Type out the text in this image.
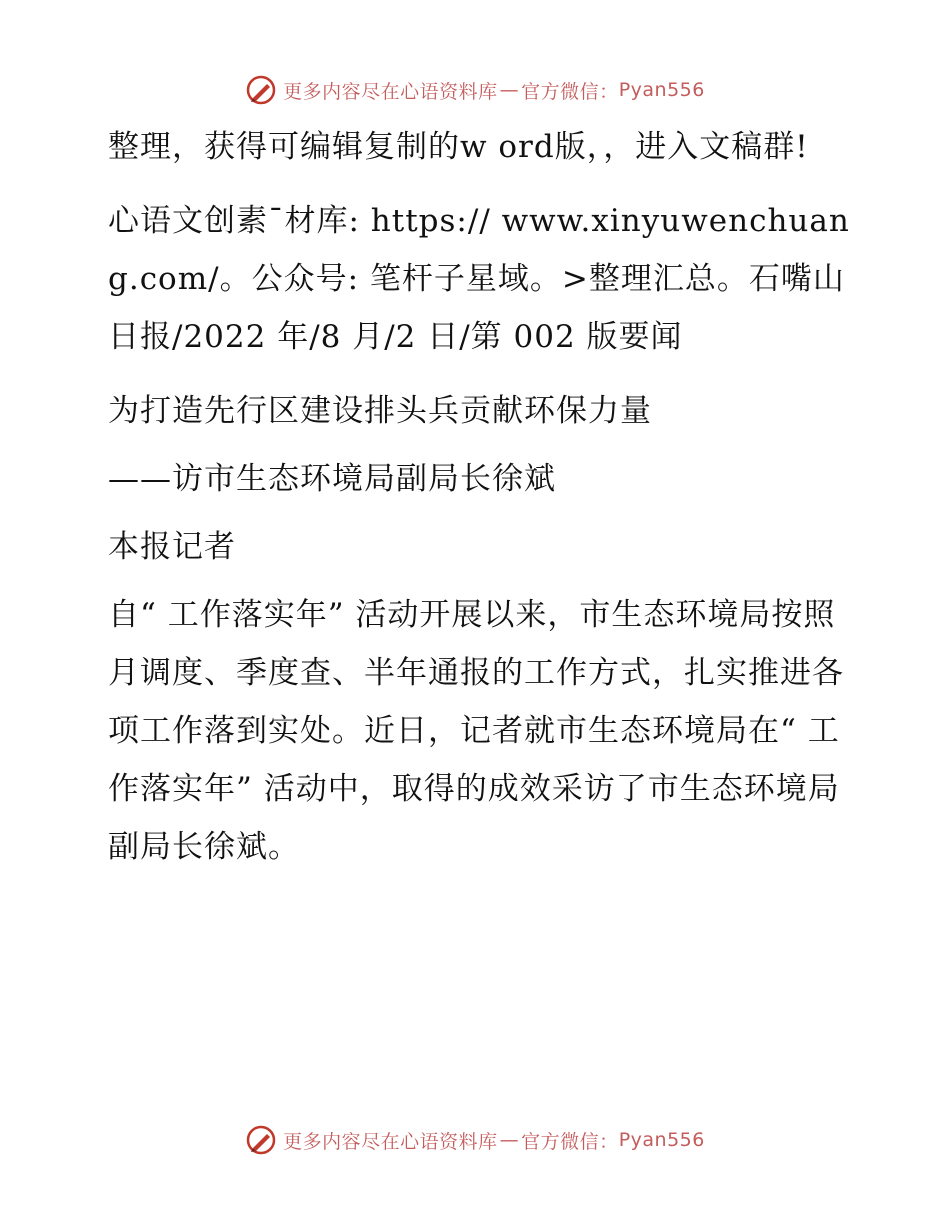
更多内容尽在心语资料库 — 官方微信： Pyan556

整理，获得可编辑复制的w ord版，，进入文稿群!

心语文创素¯材库: https:// www.xinyuwenchuang.com/。公众号: 笔杆子星域。>整理汇总。石嘴山日报/2022 年/8 月/2 日/第 002 版要闻

为打造先行区建设排头兵贡献环保力量

——访市生态环境局副局长徐斌

本报记者

自“ 工作落实年” 活动开展以来，市生态环境局按照月调度、季度查、半年通报的工作方式，扎实推进各项工作落到实处。近日，记者就市生态环境局在“ 工作落实年” 活动中，取得的成效采访了市生态环境局副局长徐斌。

更多内容尽在心语资料库 — 官方微信： Pyan556
